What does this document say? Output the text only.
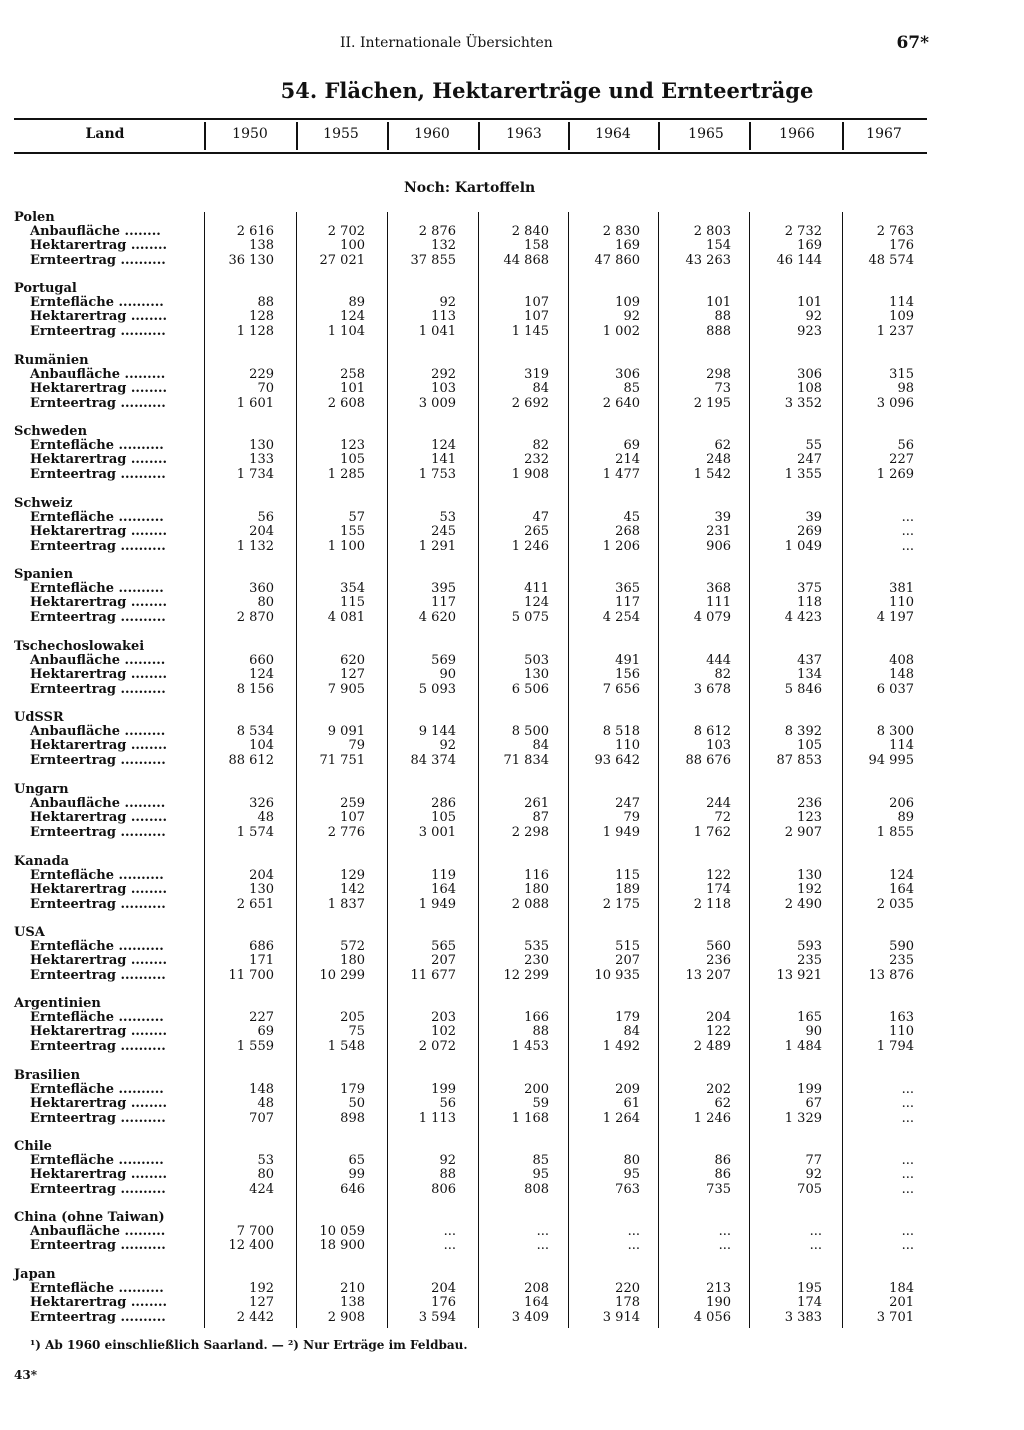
II. Internationale Übersichten	67*
54. Flächen, Hektarerträge und Ernteerträge
Land	1950	1955	1960	1963	1964	1965	1966	1967
Noch: Kartoffeln
Polen
Anbaufläche ........	2 616	2 702	2 876	2 840	2 830	2 803	2 732	2 763
Hektarertrag ........	138	100	132	158	169	154	169	176
Ernteertrag ..........	36 130	27 021	37 855	44 868	47 860	43 263	46 144	48 574
Portugal
Erntefläche ..........	88	89	92	107	109	101	101	114
Hektarertrag ........	128	124	113	107	92	88	92	109
Ernteertrag ..........	1 128	1 104	1 041	1 145	1 002	888	923	1 237
Rumänien
Anbaufläche .........	229	258	292	319	306	298	306	315
Hektarertrag ........	70	101	103	84	85	73	108	98
Ernteertrag ..........	1 601	2 608	3 009	2 692	2 640	2 195	3 352	3 096
Schweden
Erntefläche ..........	130	123	124	82	69	62	55	56
Hektarertrag ........	133	105	141	232	214	248	247	227
Ernteertrag ..........	1 734	1 285	1 753	1 908	1 477	1 542	1 355	1 269
Schweiz
Erntefläche ..........	56	57	53	47	45	39	39	...
Hektarertrag ........	204	155	245	265	268	231	269	...
Ernteertrag ..........	1 132	1 100	1 291	1 246	1 206	906	1 049	...
Spanien
Erntefläche ..........	360	354	395	411	365	368	375	381
Hektarertrag ........	80	115	117	124	117	111	118	110
Ernteertrag ..........	2 870	4 081	4 620	5 075	4 254	4 079	4 423	4 197
Tschechoslowakei
Anbaufläche .........	660	620	569	503	491	444	437	408
Hektarertrag ........	124	127	90	130	156	82	134	148
Ernteertrag ..........	8 156	7 905	5 093	6 506	7 656	3 678	5 846	6 037
UdSSR
Anbaufläche .........	8 534	9 091	9 144	8 500	8 518	8 612	8 392	8 300
Hektarertrag ........	104	79	92	84	110	103	105	114
Ernteertrag ..........	88 612	71 751	84 374	71 834	93 642	88 676	87 853	94 995
Ungarn
Anbaufläche .........	326	259	286	261	247	244	236	206
Hektarertrag ........	48	107	105	87	79	72	123	89
Ernteertrag ..........	1 574	2 776	3 001	2 298	1 949	1 762	2 907	1 855
Kanada
Erntefläche ..........	204	129	119	116	115	122	130	124
Hektarertrag ........	130	142	164	180	189	174	192	164
Ernteertrag ..........	2 651	1 837	1 949	2 088	2 175	2 118	2 490	2 035
USA
Erntefläche ..........	686	572	565	535	515	560	593	590
Hektarertrag ........	171	180	207	230	207	236	235	235
Ernteertrag ..........	11 700	10 299	11 677	12 299	10 935	13 207	13 921	13 876
Argentinien
Erntefläche ..........	227	205	203	166	179	204	165	163
Hektarertrag ........	69	75	102	88	84	122	90	110
Ernteertrag ..........	1 559	1 548	2 072	1 453	1 492	2 489	1 484	1 794
Brasilien
Erntefläche ..........	148	179	199	200	209	202	199	...
Hektarertrag ........	48	50	56	59	61	62	67	...
Ernteertrag ..........	707	898	1 113	1 168	1 264	1 246	1 329	...
Chile
Erntefläche ..........	53	65	92	85	80	86	77	...
Hektarertrag ........	80	99	88	95	95	86	92	...
Ernteertrag ..........	424	646	806	808	763	735	705	...
China (ohne Taiwan)
Anbaufläche .........	7 700	10 059	...	...	...	...	...	...
Ernteertrag ..........	12 400	18 900	...	...	...	...	...	...
Japan
Erntefläche ..........	192	210	204	208	220	213	195	184
Hektarertrag ........	127	138	176	164	178	190	174	201
Ernteertrag ..........	2 442	2 908	3 594	3 409	3 914	4 056	3 383	3 701
¹) Ab 1960 einschließlich Saarland. — ²) Nur Erträge im Feldbau.
43*
